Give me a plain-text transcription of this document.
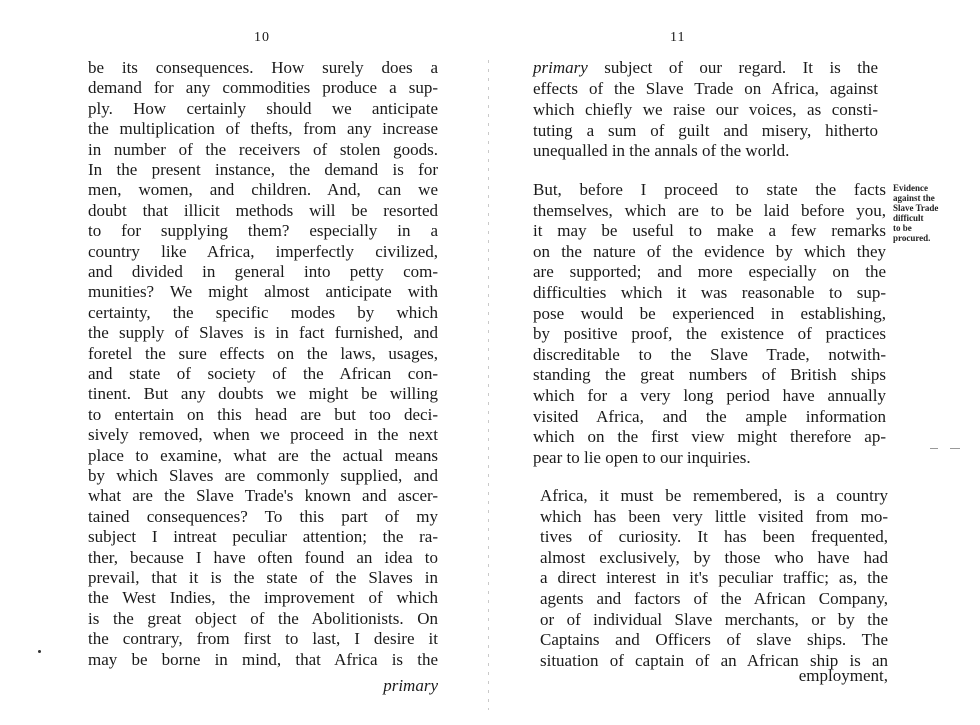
10
be its consequences. How surely does a
demand for any commodities produce a sup-
ply. How certainly should we anticipate
the multiplication of thefts, from any increase
in number of the receivers of stolen goods.
In the present instance, the demand is for
men, women, and children. And, can we
doubt that illicit methods will be resorted
to for supplying them? especially in a
country like Africa, imperfectly civilized,
and divided in general into petty com-
munities? We might almost anticipate with
certainty, the specific modes by which
the supply of Slaves is in fact furnished, and
foretel the sure effects on the laws, usages,
and state of society of the African con-
tinent. But any doubts we might be willing
to entertain on this head are but too deci-
sively removed, when we proceed in the next
place to examine, what are the actual means
by which Slaves are commonly supplied, and
what are the Slave Trade's known and ascer-
tained consequences? To this part of my
subject I intreat peculiar attention; the ra-
ther, because I have often found an idea to
prevail, that it is the state of the Slaves in
the West Indies, the improvement of which
is the great object of the Abolitionists. On
the contrary, from first to last, I desire it
may be borne in mind, that Africa is the
primary
11
primary subject of our regard. It is the
effects of the Slave Trade on Africa, against
which chiefly we raise our voices, as consti-
tuting a sum of guilt and misery, hitherto
unequalled in the annals of the world.
But, before I proceed to state the facts
themselves, which are to be laid before you,
it may be useful to make a few remarks
on the nature of the evidence by which they
are supported; and more especially on the
difficulties which it was reasonable to sup-
pose would be experienced in establishing,
by positive proof, the existence of practices
discreditable to the Slave Trade, notwith-
standing the great numbers of British ships
which for a very long period have annually
visited Africa, and the ample information
which on the first view might therefore ap-
pear to lie open to our inquiries.
Africa, it must be remembered, is a country
which has been very little visited from mo-
tives of curiosity. It has been frequented,
almost exclusively, by those who have had
a direct interest in it's peculiar traffic; as, the
agents and factors of the African Company,
or of individual Slave merchants, or by the
Captains and Officers of slave ships. The
situation of captain of an African ship is an
employment,
Evidence
against the
Slave Trade
difficult
to be
procured.
